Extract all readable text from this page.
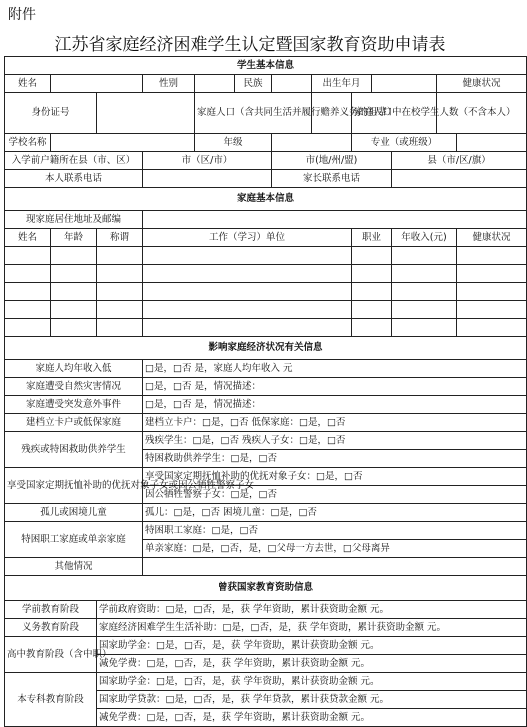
附件
江苏省家庭经济困难学生认定暨国家教育资助申请表
学生基本信息												
姓名			性别		民族		出生年月				健康状况	
身份证号				家庭人口（含共同生活并履行赡养义务的祖辈）				家庭人口中在校学生人数（不含本人）				
学校名称				年级				专业（或班级）				
入学前户籍所在县（市、区）			市（区/市）			市(地/州/盟)				县（市/区/旗）		
本人联系电话						家长联系电话						
家庭基本信息												
现家庭居住地址及邮编												
姓名	年龄	称谓	工作（学习）单位					职业		年收入(元)		健康状况

影响家庭经济状况有关信息												
家庭人均年收入低			□是，□否 是，家庭人均年收入 元									
家庭遭受自然灾害情况			□是，□否 是，情况描述：									
家庭遭受突发意外事件			□是，□否 是，情况描述：									
建档立卡户或低保家庭			建档立卡户：□是，□否 低保家庭：□是，□否									
残疾或特困救助供养学生			残疾学生：□是，□否 残疾人子女：□是，□否									
			特困救助供养学生：□是，□否									
享受国家定期抚恤补助的优抚对象子女或因公牺牲警察子女			享受国家定期抚恤补助的优抚对象子女：□是，□否									
			因公牺牲警察子女：□是，□否									
孤儿或困境儿童			孤儿：□是，□否 困境儿童：□是，□否									
特困职工家庭或单亲家庭			特困职工家庭：□是，□否									
			单亲家庭：□是，□否，是，□父母一方去世，□父母离异									
其他情况												
曾获国家教育资助信息												
学前教育阶段		学前政府资助：□是，□否，是，获 学年资助，累计获资助金额 元。										
义务教育阶段		家庭经济困难学生生活补助：□是，□否，是，获 学年资助，累计获资助金额 元。										
高中教育阶段（含中职）		国家助学金：□是，□否，是，获 学年资助，累计获资助金额 元。										
		减免学费：□是，□否，是，获 学年资助，累计获资助金额 元。										
本专科教育阶段		国家助学金：□是，□否，是，获 学年资助，累计获资助金额 元。										
		国家助学贷款：□是，□否，是，获 学年贷款，累计获贷款金额 元。										
		减免学费：□是，□否，是，获 学年资助，累计获资助金额 元。										
